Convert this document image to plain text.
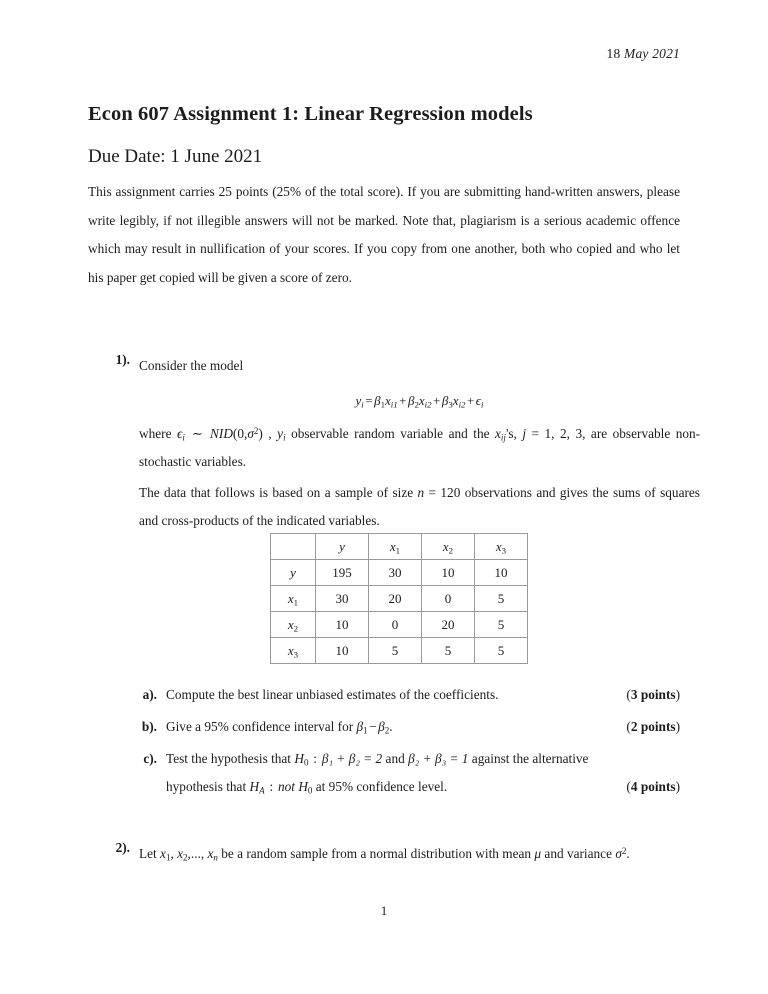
18 May 2021
Econ 607 Assignment 1: Linear Regression models
Due Date: 1 June 2021
This assignment carries 25 points (25% of the total score). If you are submitting hand-written answers, please write legibly, if not illegible answers will not be marked. Note that, plagiarism is a serious academic offence which may result in nullification of your scores. If you copy from one another, both who copied and who let his paper get copied will be given a score of zero.
1). Consider the model

$y_i = \beta_1x_{i1} + \beta_2x_{i2} + \beta_3x_{i2} + \epsilon_i$

where $\epsilon_i$ ∼ $NID(0,\sigma^2)$ , $y_i$ observable random variable and the $x_{ij}'s$, j = 1, 2, 3, are observable non-stochastic variables.

The data that follows is based on a sample of size n = 120 observations and gives the sums of squares and cross-products of the indicated variables.

	y	$x_1$	$x_2$	$x_3$
y	195	30	10	10
$x_1$	30	20	0	5
$x_2$	10	0	20	5
$x_3$	10	5	5	5
a). Compute the best linear unbiased estimates of the coefficients.	(3 points)
b). Give a 95% confidence interval for $\beta_1 - \beta_2$.	(2 points)
c). Test the hypothesis that $H_0$ : β₁ + β₂ = 2 and β₂ + β₃ = 1 against the alternative
hypothesis that $H_A$ : not $H_0$ at 95% confidence level.	(4 points)
2). Let $x_1$, $x_2$,..., $x_n$ be a random sample from a normal distribution with mean μ and variance $\sigma^2$.

1
